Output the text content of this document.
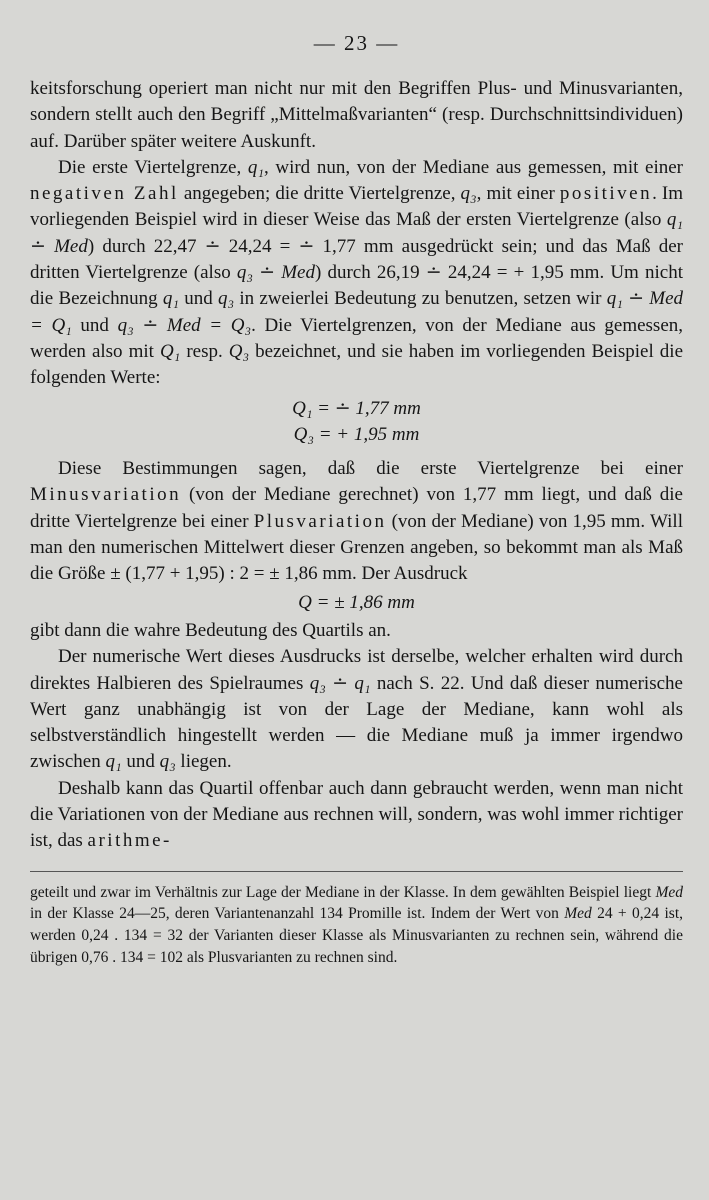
— 23 —

keitsforschung operiert man nicht nur mit den Begriffen Plus- und Minusvarianten, sondern stellt auch den Begriff „Mittelmaßvarianten“ (resp. Durchschnittsindividuen) auf. Darüber später weitere Auskunft.

Die erste Viertelgrenze, q₁, wird nun, von der Mediane aus gemessen, mit einer negativen Zahl angegeben; die dritte Viertelgrenze, q₃, mit einer positiven. Im vorliegenden Beispiel wird in dieser Weise das Maß der ersten Viertelgrenze (also q₁ ∸ Med) durch 22,47 ∸ 24,24 = ∸ 1,77 mm ausgedrückt sein; und das Maß der dritten Viertelgrenze (also q₃ ∸ Med) durch 26,19 ∸ 24,24 = + 1,95 mm. Um nicht die Bezeichnung q₁ und q₃ in zweierlei Bedeutung zu benutzen, setzen wir q₁ ∸ Med = Q₁ und q₃ ∸ Med = Q₃. Die Viertelgrenzen, von der Mediane aus gemessen, werden also mit Q₁ resp. Q₃ bezeichnet, und sie haben im vorliegenden Beispiel die folgenden Werte:

Q₁ = ∸ 1,77 mm

Q₃ = + 1,95 mm

Diese Bestimmungen sagen, daß die erste Viertelgrenze bei einer Minusvariation (von der Mediane gerechnet) von 1,77 mm liegt, und daß die dritte Viertelgrenze bei einer Plusvariation (von der Mediane) von 1,95 mm. Will man den numerischen Mittelwert dieser Grenzen angeben, so bekommt man als Maß die Größe ± (1,77 + 1,95) : 2 = ± 1,86 mm. Der Ausdruck

Q = ± 1,86 mm

gibt dann die wahre Bedeutung des Quartils an.

Der numerische Wert dieses Ausdrucks ist derselbe, welcher erhalten wird durch direktes Halbieren des Spielraumes q₃ ∸ q₁ nach S. 22. Und daß dieser numerische Wert ganz unabhängig ist von der Lage der Mediane, kann wohl als selbstverständlich hingestellt werden — die Mediane muß ja immer irgendwo zwischen q₁ und q₃ liegen.

Deshalb kann das Quartil offenbar auch dann gebraucht werden, wenn man nicht die Variationen von der Mediane aus rechnen will, sondern, was wohl immer richtiger ist, das arithme-

geteilt und zwar im Verhältnis zur Lage der Mediane in der Klasse. In dem gewählten Beispiel liegt Med in der Klasse 24—25, deren Variantenanzahl 134 Promille ist. Indem der Wert von Med 24 + 0,24 ist, werden 0,24 . 134 = 32 der Varianten dieser Klasse als Minusvarianten zu rechnen sein, während die übrigen 0,76 . 134 = 102 als Plusvarianten zu rechnen sind.
